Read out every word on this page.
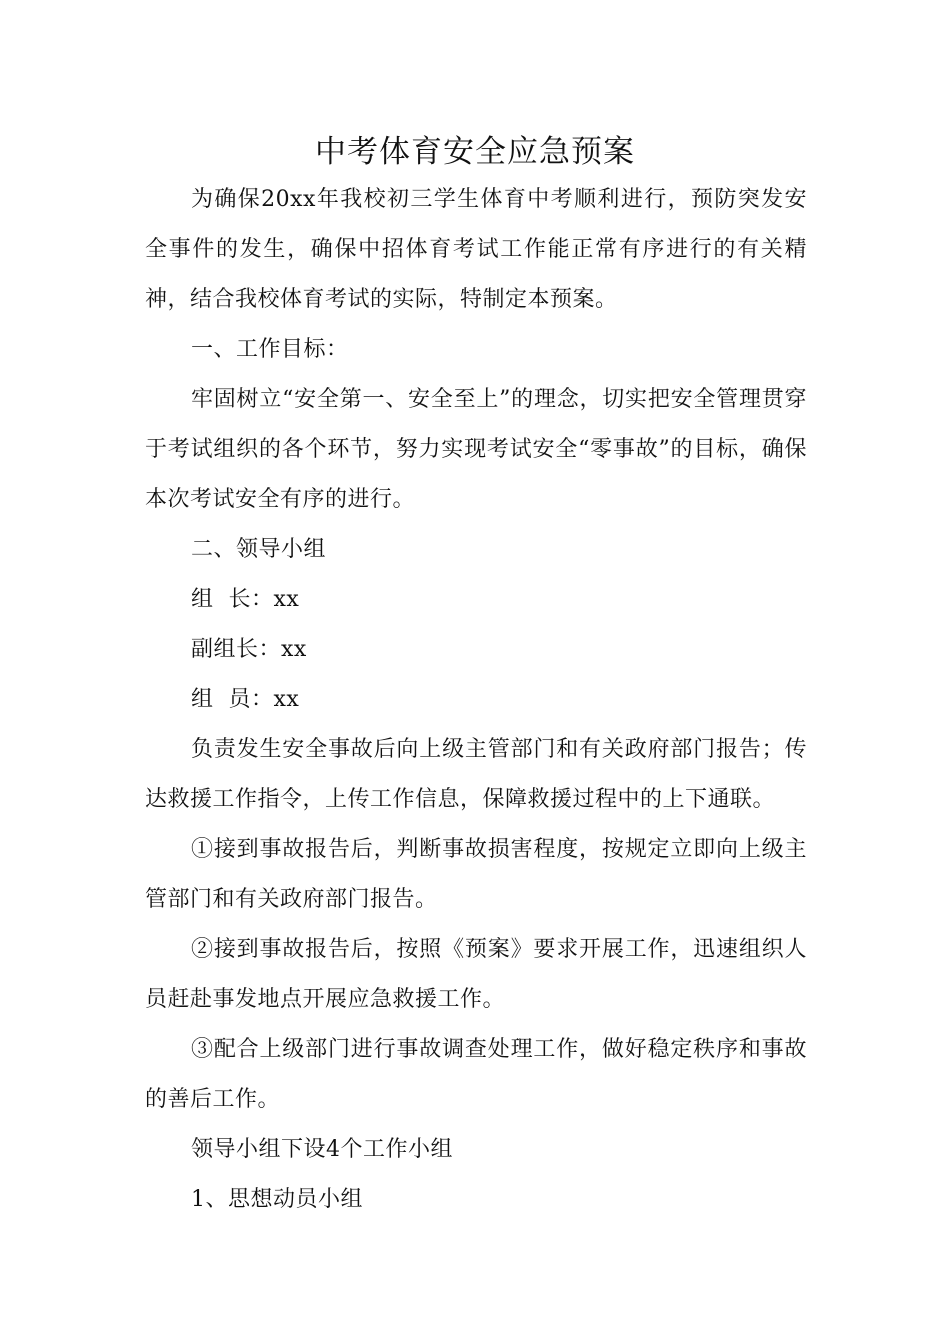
中考体育安全应急预案

为确保20xx年我校初三学生体育中考顺利进行，预防突发安全事件的发生，确保中招体育考试工作能正常有序进行的有关精神，结合我校体育考试的实际，特制定本预案。

一、工作目标：

牢固树立“安全第一、安全至上”的理念，切实把安全管理贯穿于考试组织的各个环节，努力实现考试安全“零事故”的目标，确保本次考试安全有序的进行。

二、领导小组

组  长：xx

副组长：xx

组  员：xx

负责发生安全事故后向上级主管部门和有关政府部门报告；传达救援工作指令，上传工作信息，保障救援过程中的上下通联。

①接到事故报告后，判断事故损害程度，按规定立即向上级主管部门和有关政府部门报告。

②接到事故报告后，按照《预案》要求开展工作，迅速组织人员赶赴事发地点开展应急救援工作。

③配合上级部门进行事故调查处理工作，做好稳定秩序和事故的善后工作。

领导小组下设4个工作小组

1、思想动员小组
